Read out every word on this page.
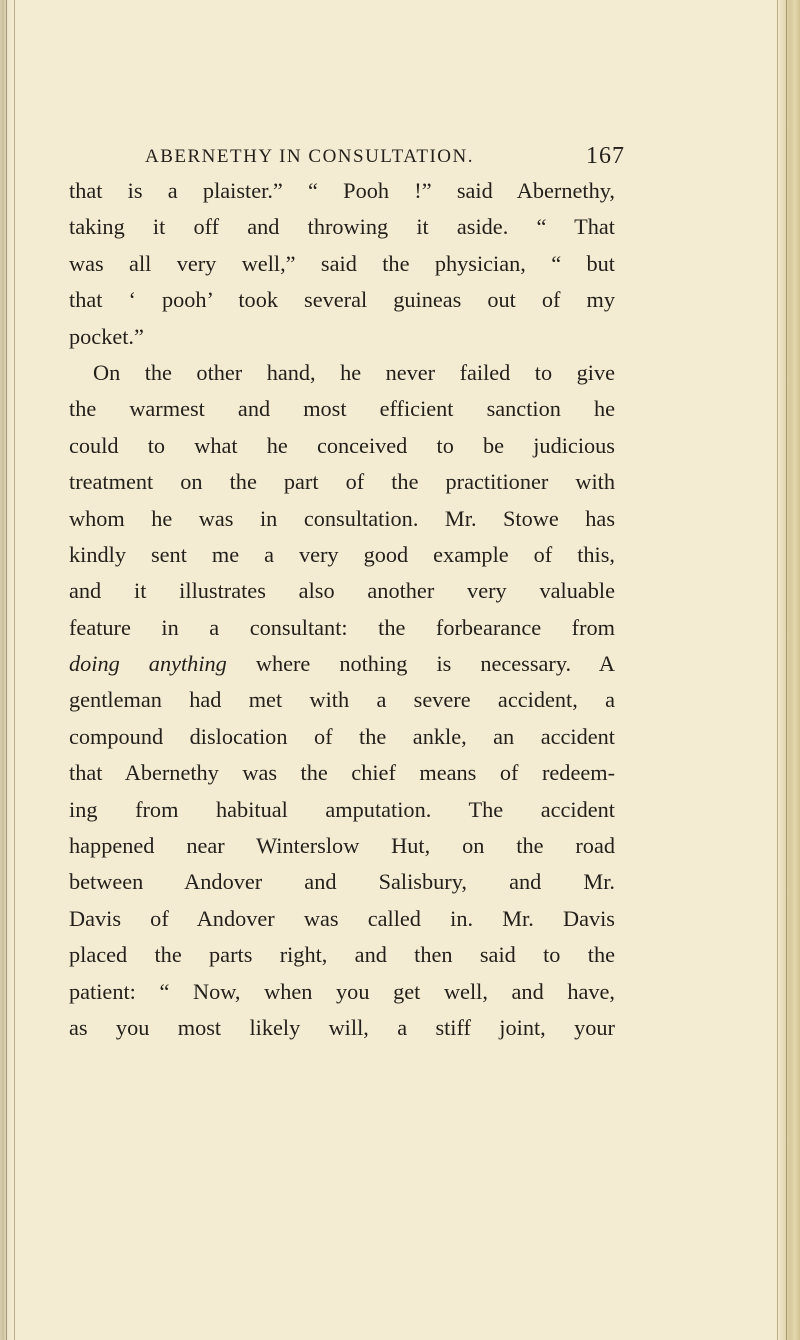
ABERNETHY IN CONSULTATION.	167
that is a plaister.” “ Pooh !” said Abernethy,
taking it off and throwing it aside. “ That
was all very well,” said the physician, “ but
that ‘ pooh’ took several guineas out of my
pocket.”
On the other hand, he never failed to give
the warmest and most efficient sanction he
could to what he conceived to be judicious
treatment on the part of the practitioner with
whom he was in consultation. Mr. Stowe has
kindly sent me a very good example of this,
and it illustrates also another very valuable
feature in a consultant: the forbearance from
doing anything where nothing is necessary. A
gentleman had met with a severe accident, a
compound dislocation of the ankle, an accident
that Abernethy was the chief means of redeem-
ing from habitual amputation. The accident
happened near Winterslow Hut, on the road
between Andover and Salisbury, and Mr.
Davis of Andover was called in. Mr. Davis
placed the parts right, and then said to the
patient: “ Now, when you get well, and have,
as you most likely will, a stiff joint, your
